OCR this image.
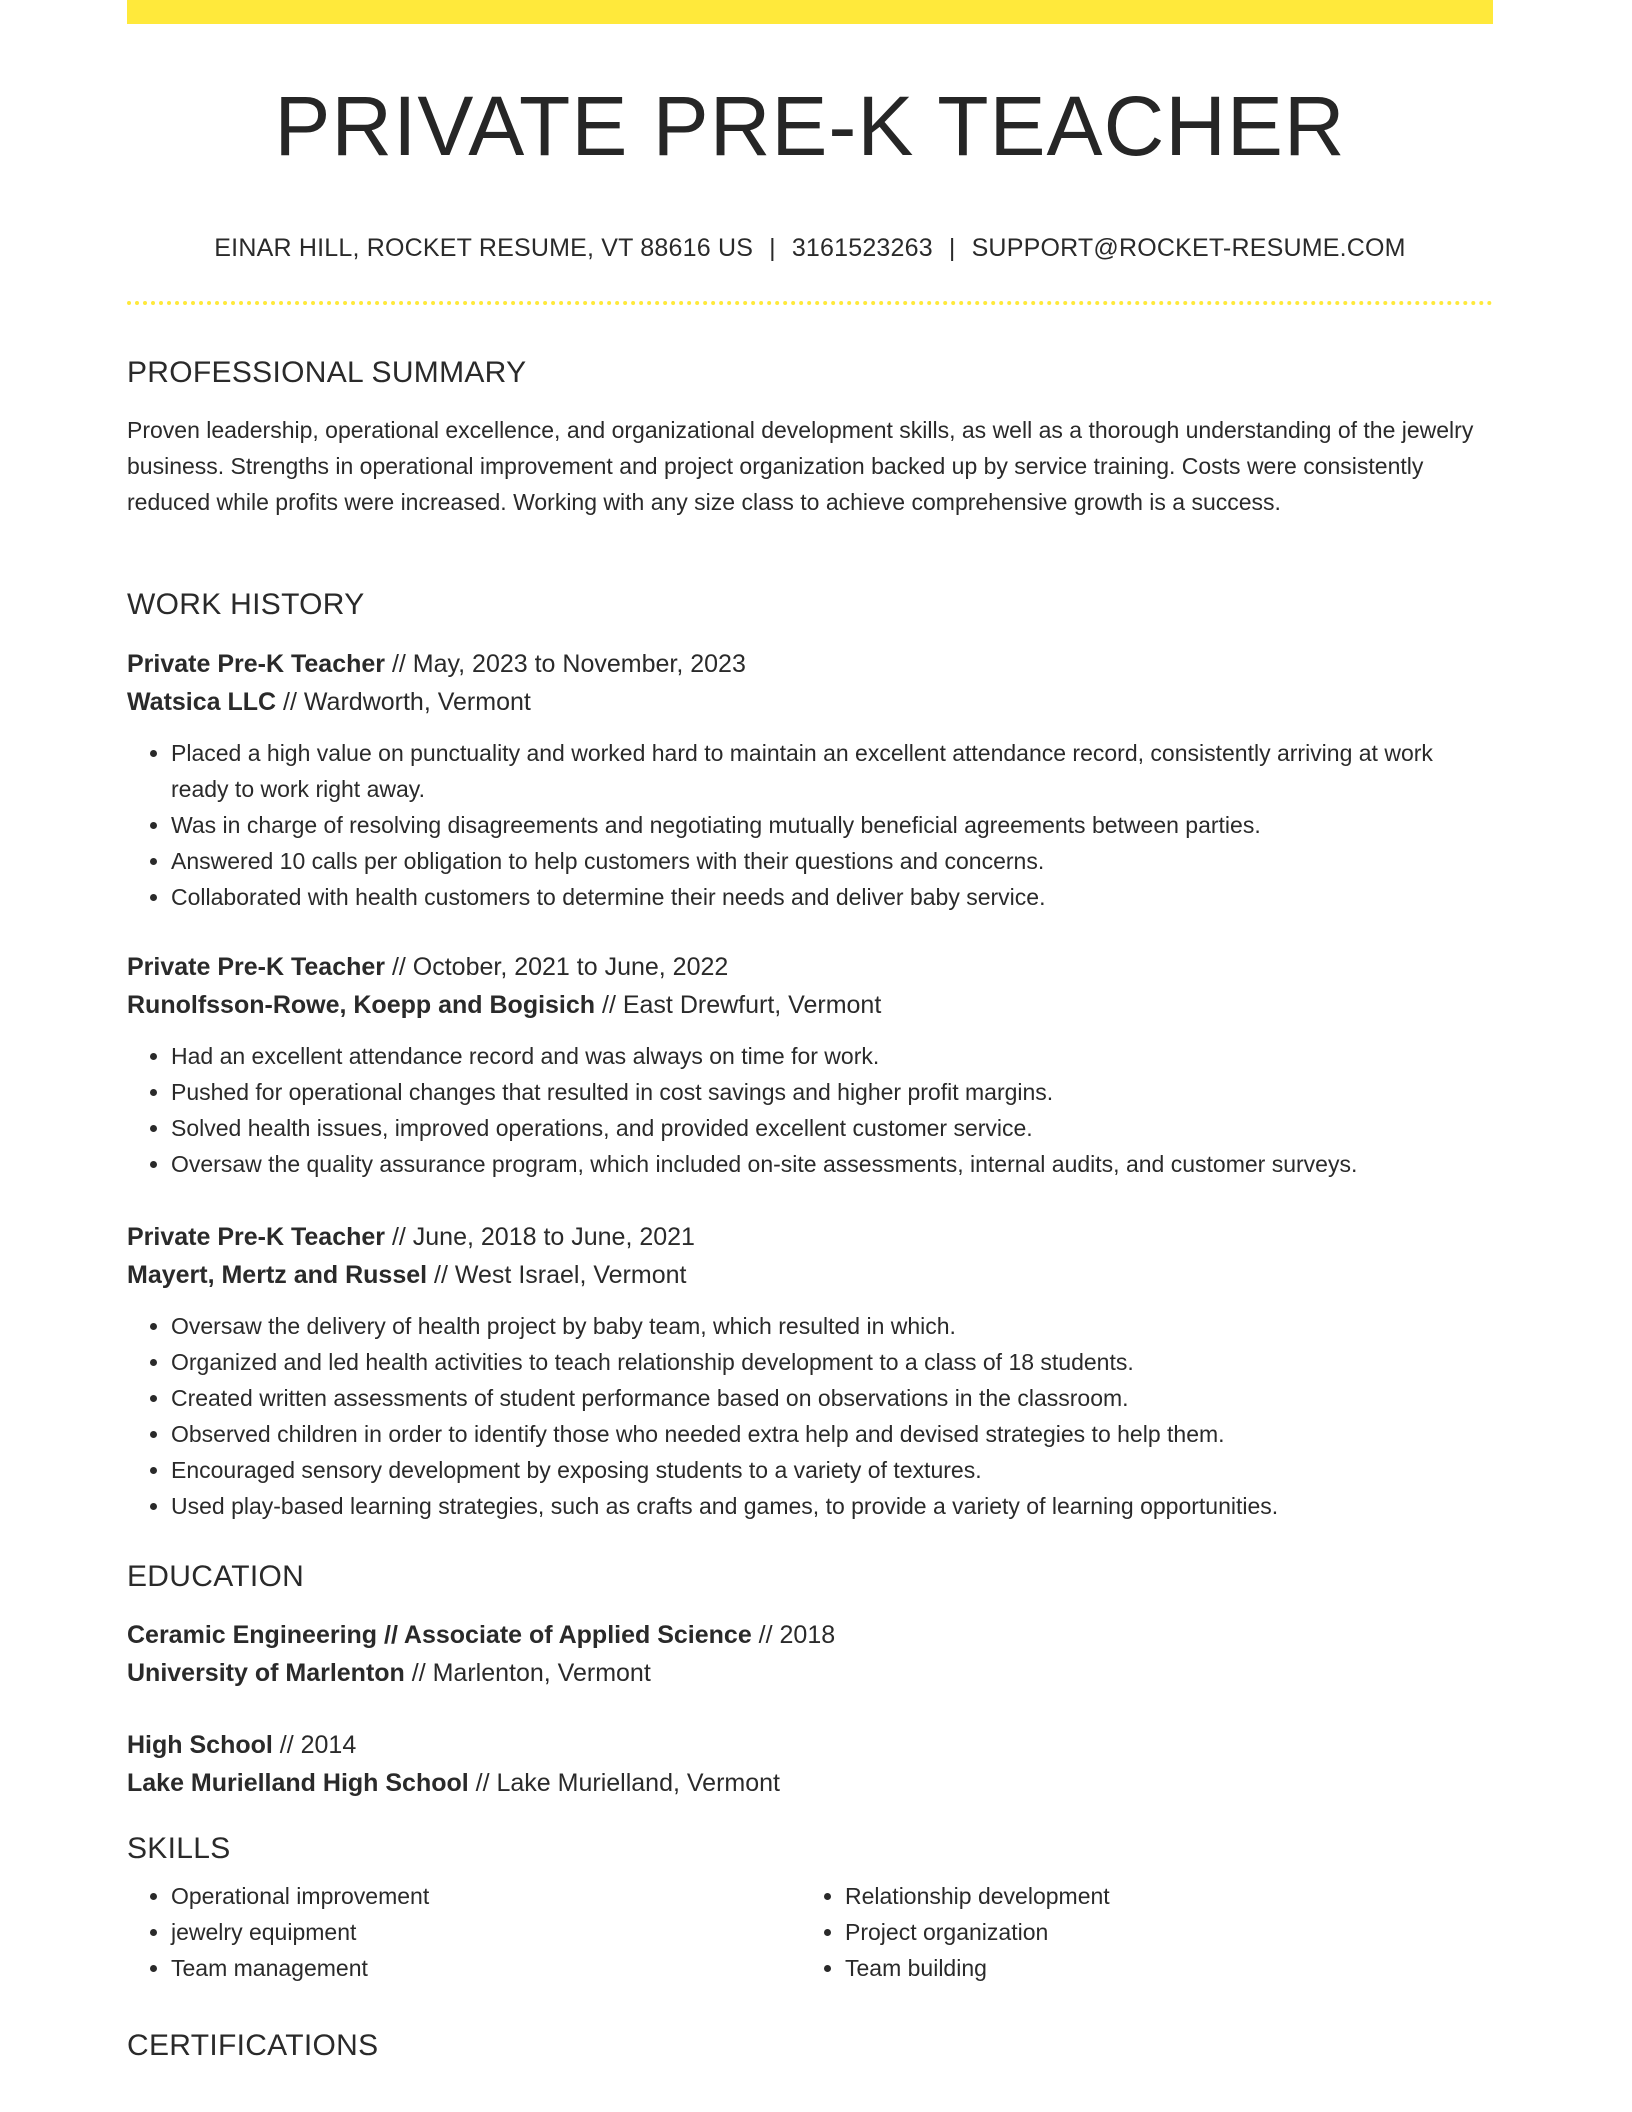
PRIVATE PRE-K TEACHER
EINAR HILL, ROCKET RESUME, VT 88616 US | 3161523263 | SUPPORT@ROCKET-RESUME.COM
PROFESSIONAL SUMMARY
Proven leadership, operational excellence, and organizational development skills, as well as a thorough understanding of the jewelry business. Strengths in operational improvement and project organization backed up by service training. Costs were consistently reduced while profits were increased. Working with any size class to achieve comprehensive growth is a success.
WORK HISTORY
Private Pre-K Teacher // May, 2023 to November, 2023
Watsica LLC // Wardworth, Vermont
• Placed a high value on punctuality and worked hard to maintain an excellent attendance record, consistently arriving at work ready to work right away.
• Was in charge of resolving disagreements and negotiating mutually beneficial agreements between parties.
• Answered 10 calls per obligation to help customers with their questions and concerns.
• Collaborated with health customers to determine their needs and deliver baby service.
Private Pre-K Teacher // October, 2021 to June, 2022
Runolfsson-Rowe, Koepp and Bogisich // East Drewfurt, Vermont
• Had an excellent attendance record and was always on time for work.
• Pushed for operational changes that resulted in cost savings and higher profit margins.
• Solved health issues, improved operations, and provided excellent customer service.
• Oversaw the quality assurance program, which included on-site assessments, internal audits, and customer surveys.
Private Pre-K Teacher // June, 2018 to June, 2021
Mayert, Mertz and Russel // West Israel, Vermont
• Oversaw the delivery of health project by baby team, which resulted in which.
• Organized and led health activities to teach relationship development to a class of 18 students.
• Created written assessments of student performance based on observations in the classroom.
• Observed children in order to identify those who needed extra help and devised strategies to help them.
• Encouraged sensory development by exposing students to a variety of textures.
• Used play-based learning strategies, such as crafts and games, to provide a variety of learning opportunities.
EDUCATION
Ceramic Engineering // Associate of Applied Science // 2018
University of Marlenton // Marlenton, Vermont
High School // 2014
Lake Murielland High School // Lake Murielland, Vermont
SKILLS
• Operational improvement
• jewelry equipment
• Team management
• Relationship development
• Project organization
• Team building
CERTIFICATIONS
